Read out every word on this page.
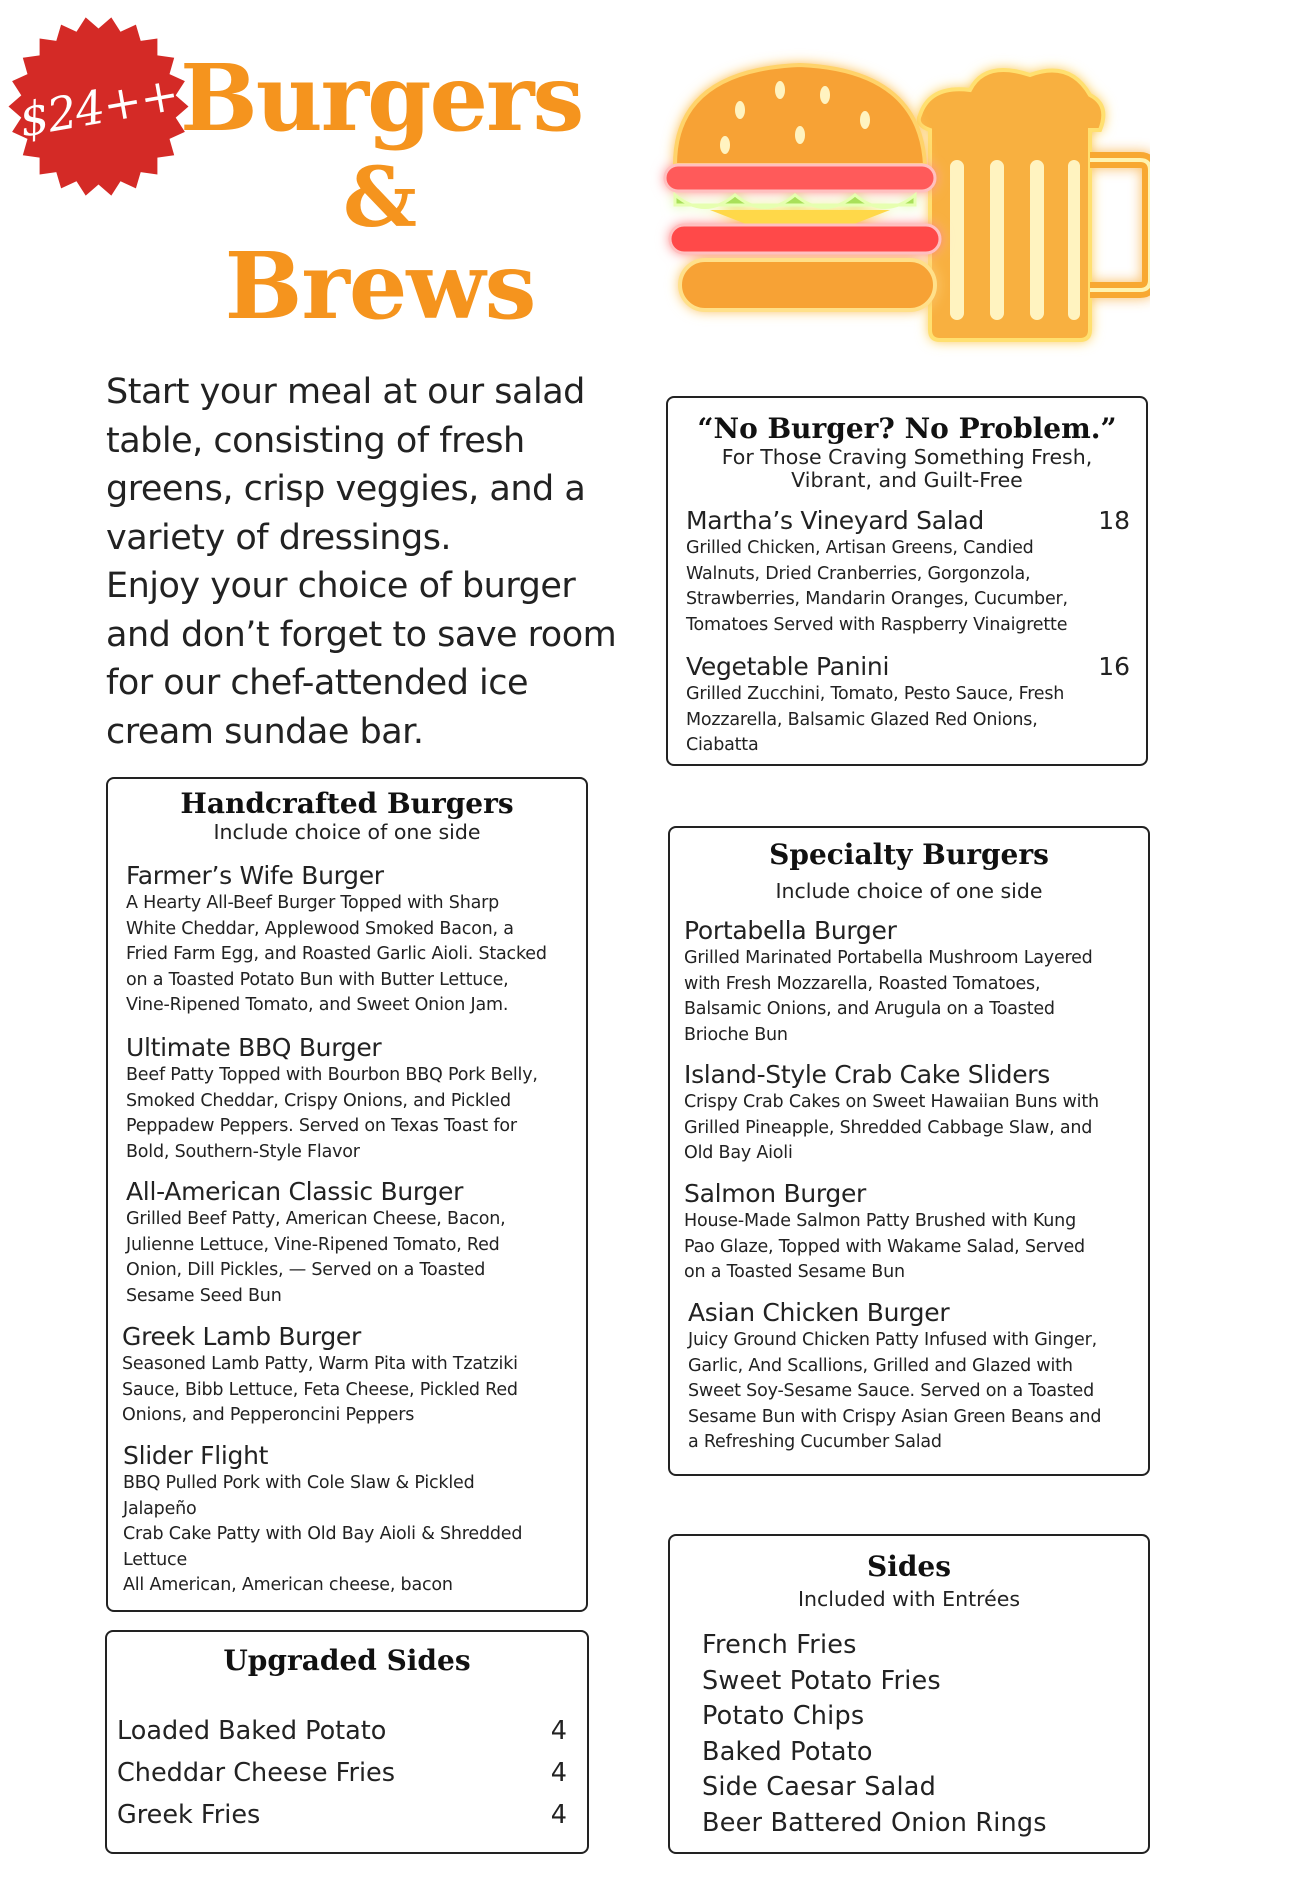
$24++
Burgers
&
Brews
Start your meal at our salad
table, consisting of fresh
greens, crisp veggies, and a
variety of dressings.
Enjoy your choice of burger
and don’t forget to save room
for our chef-attended ice
cream sundae bar.
“No Burger? No Problem.”
For Those Craving Something Fresh,
Vibrant, and Guilt-Free
Martha’s Vineyard Salad	18
Grilled Chicken, Artisan Greens, Candied
Walnuts, Dried Cranberries, Gorgonzola,
Strawberries, Mandarin Oranges, Cucumber,
Tomatoes Served with Raspberry Vinaigrette
Vegetable Panini	16
Grilled Zucchini, Tomato, Pesto Sauce, Fresh
Mozzarella, Balsamic Glazed Red Onions,
Ciabatta
Handcrafted Burgers
Include choice of one side
Farmer’s Wife Burger
A Hearty All-Beef Burger Topped with Sharp
White Cheddar, Applewood Smoked Bacon, a
Fried Farm Egg, and Roasted Garlic Aioli. Stacked
on a Toasted Potato Bun with Butter Lettuce,
Vine-Ripened Tomato, and Sweet Onion Jam.
Ultimate BBQ Burger
Beef Patty Topped with Bourbon BBQ Pork Belly,
Smoked Cheddar, Crispy Onions, and Pickled
Peppadew Peppers. Served on Texas Toast for
Bold, Southern-Style Flavor
All-American Classic Burger
Grilled Beef Patty, American Cheese, Bacon,
Julienne Lettuce, Vine-Ripened Tomato, Red
Onion, Dill Pickles, — Served on a Toasted
Sesame Seed Bun
Greek Lamb Burger
Seasoned Lamb Patty, Warm Pita with Tzatziki
Sauce, Bibb Lettuce, Feta Cheese, Pickled Red
Onions, and Pepperoncini Peppers
Slider Flight
BBQ Pulled Pork with Cole Slaw & Pickled
Jalapeño
Crab Cake Patty with Old Bay Aioli & Shredded
Lettuce
All American, American cheese, bacon
Specialty Burgers
Include choice of one side
Portabella Burger
Grilled Marinated Portabella Mushroom Layered
with Fresh Mozzarella, Roasted Tomatoes,
Balsamic Onions, and Arugula on a Toasted
Brioche Bun
Island-Style Crab Cake Sliders
Crispy Crab Cakes on Sweet Hawaiian Buns with
Grilled Pineapple, Shredded Cabbage Slaw, and
Old Bay Aioli
Salmon Burger
House-Made Salmon Patty Brushed with Kung
Pao Glaze, Topped with Wakame Salad, Served
on a Toasted Sesame Bun
Asian Chicken Burger
Juicy Ground Chicken Patty Infused with Ginger,
Garlic, And Scallions, Grilled and Glazed with
Sweet Soy-Sesame Sauce. Served on a Toasted
Sesame Bun with Crispy Asian Green Beans and
a Refreshing Cucumber Salad
Upgraded Sides
Loaded Baked Potato	4
Cheddar Cheese Fries	4
Greek Fries	4
Sides
Included with Entrées
French Fries
Sweet Potato Fries
Potato Chips
Baked Potato
Side Caesar Salad
Beer Battered Onion Rings
